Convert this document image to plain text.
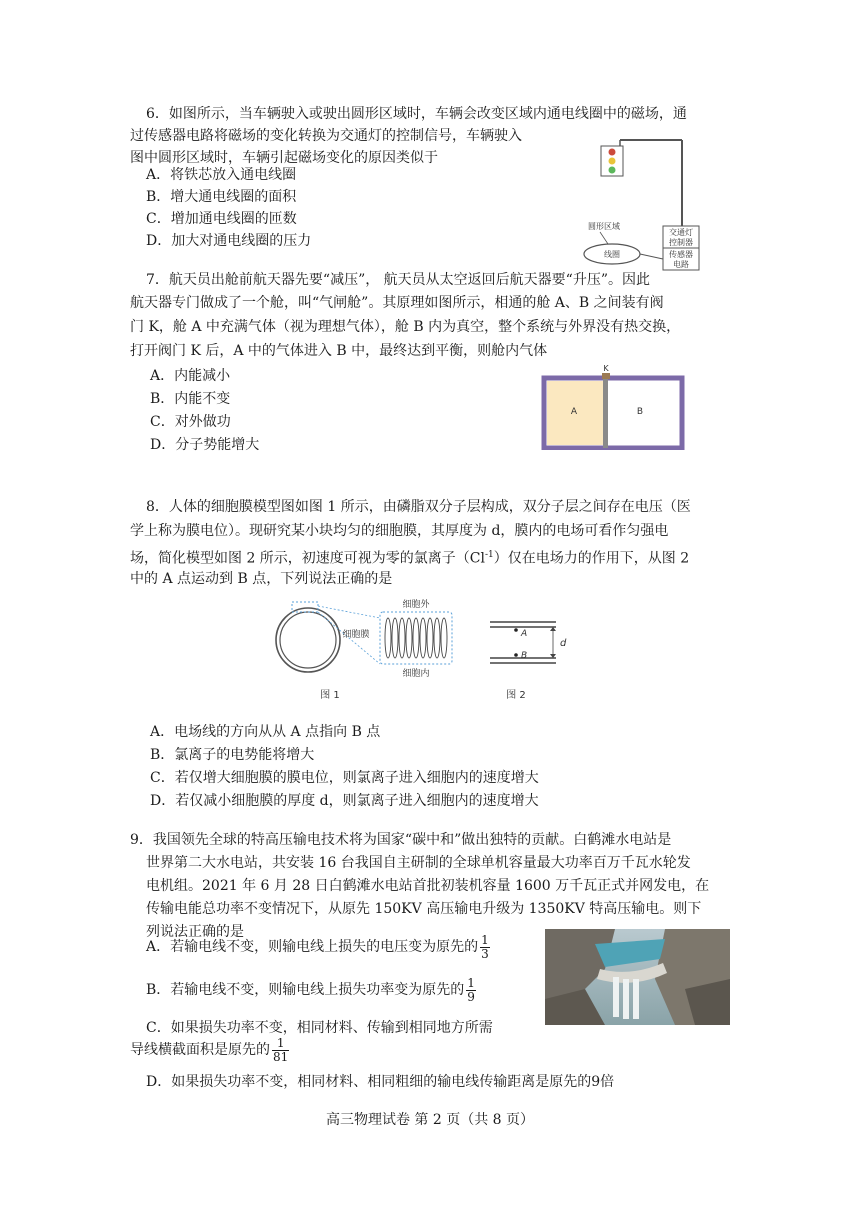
6．如图所示，当车辆驶入或驶出圆形区域时，车辆会改变区域内通电线圈中的磁场，通
过传感器电路将磁场的变化转换为交通灯的控制信号，车辆驶入
图中圆形区域时，车辆引起磁场变化的原因类似于
A．将铁芯放入通电线圈
B．增大通电线圈的面积
C．增加通电线圈的匝数
D．加大对通电线圈的压力
交通灯
控制器
传感器
电路
线圈
圆形区域
7．航天员出舱前航天器先要“减压”， 航天员从太空返回后航天器要“升压”。因此
航天器专门做成了一个舱，叫“气闸舱”。其原理如图所示，相通的舱 A、B 之间装有阀
门 K，舱 A 中充满气体（视为理想气体），舱 B 内为真空，整个系统与外界没有热交换，
打开阀门 K 后，A 中的气体进入 B 中，最终达到平衡，则舱内气体
A．内能减小
B．内能不变
C．对外做功
D．分子势能增大
K
A	B
8．人体的细胞膜模型图如图 1 所示，由磷脂双分子层构成，双分子层之间存在电压（医
学上称为膜电位）。现研究某小块均匀的细胞膜，其厚度为 d，膜内的电场可看作匀强电
场，简化模型如图 2 所示，初速度可视为零的氯离子$(Cl^{-1})$仅在电场力的作用下，从图 2
中的 A 点运动到 B 点，下列说法正确的是
细胞外
细胞膜
细胞内
图 1
A
B
d
图 2
A．电场线的方向从从 A 点指向 B 点
B．氯离子的电势能将增大
C．若仅增大细胞膜的膜电位，则氯离子进入细胞内的速度增大
D．若仅减小细胞膜的厚度 d，则氯离子进入细胞内的速度增大
9．我国领先全球的特高压输电技术将为国家“碳中和”做出独特的贡献。白鹤滩水电站是
世界第二大水电站，共安装 16 台我国自主研制的全球单机容量最大功率百万千瓦水轮发
电机组。2021 年 6 月 28 日白鹤滩水电站首批初装机容量 1600 万千瓦正式并网发电，在
传输电能总功率不变情况下，从原先 150KV 高压输电升级为 1350KV 特高压输电。则下
列说法正确的是
A．若输电线不变，则输电线上损失的电压变为原先的 $\frac{1}{3}$
B．若输电线不变，则输电线上损失功率变为原先的 $\frac{1}{9}$
C．如果损失功率不变，相同材料、传输到相同地方所需
导线横截面积是原先的 $\frac{1}{81}$
D．如果损失功率不变，相同材料、相同粗细的输电线传输距离是原先的9倍
高三物理试卷 第 2 页（共 8 页）
